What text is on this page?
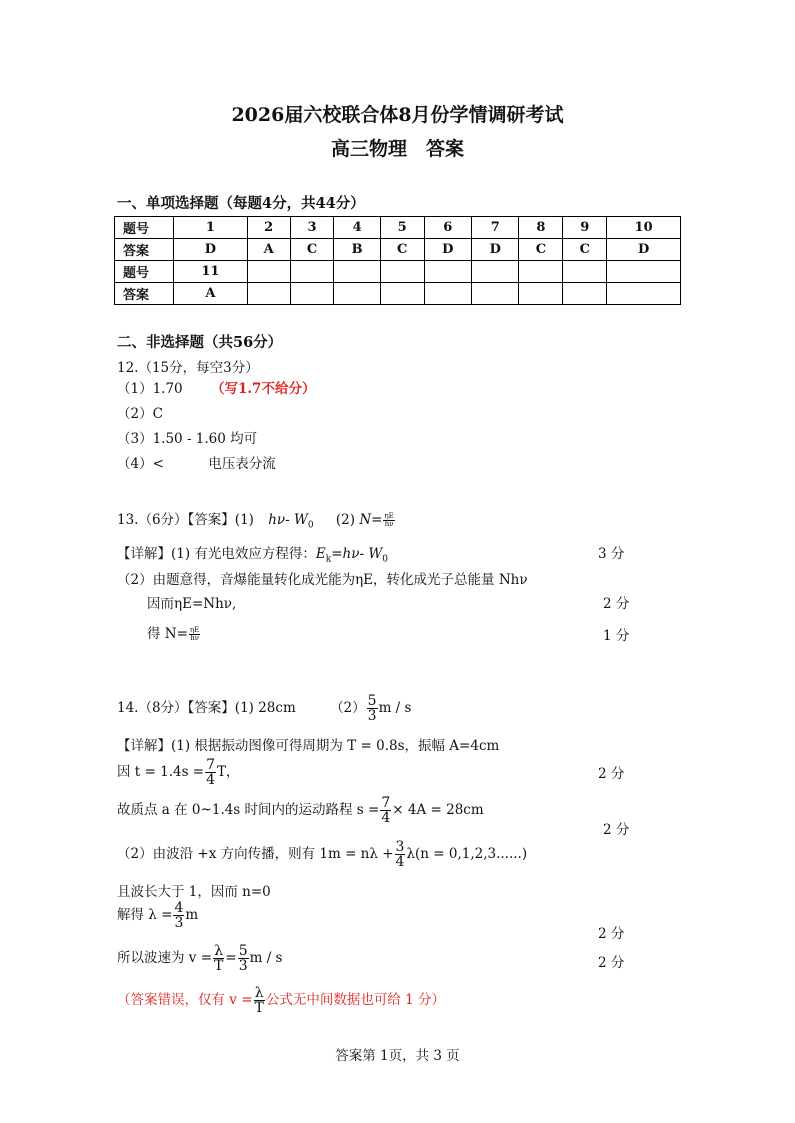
2026届六校联合体8月份学情调研考试
高三物理　答案
一、单项选择题（每题4分，共44分）
题号	1	2	3	4	5	6	7	8	9	10
答案	D	A	C	B	C	D	D	C	C	D
题号	11									
答案	A									
二、非选择题（共56分）
12.（15分，每空3分）
（1）1.70 （写1.7不给分）
（2）C
（3）1.50 - 1.60 均可
（4）<	电压表分流
13.（6分）【答案】(1) hν- $W_0$ (2) $N= \frac{\eta E}{h\nu}$
【详解】(1) 有光电效应方程得：$E_k=h\nu-$ $W_0$	3 分
（2）由题意得，音爆能量转化成光能为ηE，转化成光子总能量 Nhν
因而ηE=Nhν,	2 分
得 $N= \frac{\eta E}{h\nu}$	1 分
14.（8分）【答案】(1) 28cm	$(2) \frac{5}{3}$ m / s
【详解】(1) 根据振动图像可得周期为 T = 0.8s，振幅 A=4cm
因 $t = 1.4s = \frac{7}{4}$ T，	2 分
故质点 a 在 0~1.4s 时间内的运动路程 $s = \frac{7}{4} \times 4A = 28cm$
2 分
（2）由波沿 +x 方向传播，则有 $1m = n\lambda + \frac{3}{4} \lambda(n = 0,1,2,3......)$
且波长大于 1，因而 n=0
解得 $\lambda = \frac{4}{3}$ m
2 分
所以波速为 $v = \frac{\lambda}{T} = \frac{5}{3}$ m / s	2 分
（答案错误，仅有 $v = \frac{\lambda}{T}$ 公式无中间数据也可给 1 分）
答案第 1页，共 3 页
